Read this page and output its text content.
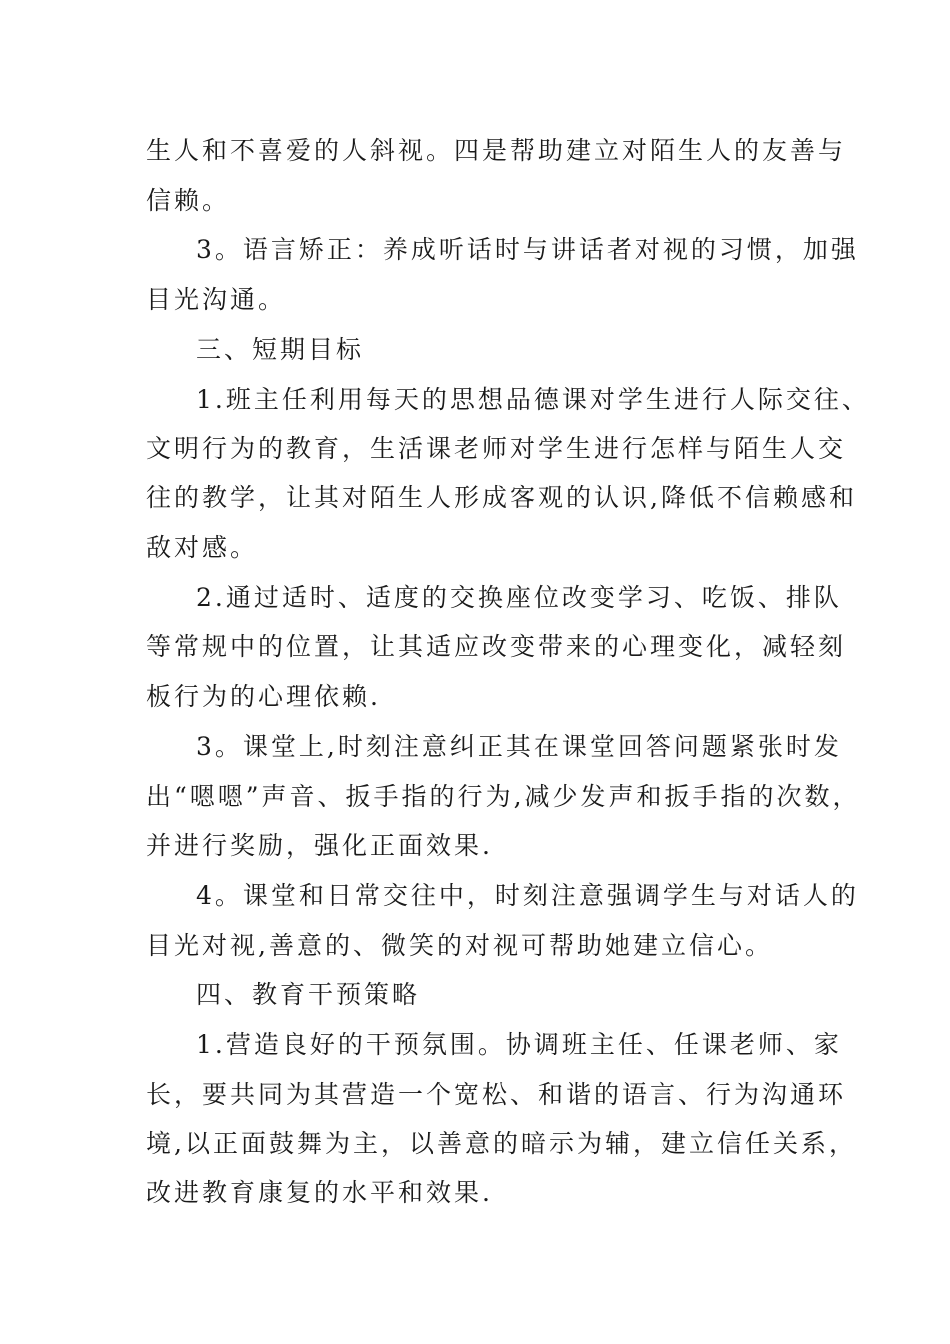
生人和不喜爱的人斜视。四是帮助建立对陌生人的友善与
信赖。
3。语言矫正：养成听话时与讲话者对视的习惯，加强
目光沟通。
三、短期目标
1.班主任利用每天的思想品德课对学生进行人际交往、
文明行为的教育，生活课老师对学生进行怎样与陌生人交
往的教学，让其对陌生人形成客观的认识,降低不信赖感和
敌对感。
2.通过适时、适度的交换座位改变学习、吃饭、排队
等常规中的位置，让其适应改变带来的心理变化，减轻刻
板行为的心理依赖.
3。课堂上,时刻注意纠正其在课堂回答问题紧张时发
出“嗯嗯”声音、扳手指的行为,减少发声和扳手指的次数，
并进行奖励，强化正面效果.
4。课堂和日常交往中，时刻注意强调学生与对话人的
目光对视,善意的、微笑的对视可帮助她建立信心。
四、教育干预策略
1.营造良好的干预氛围。协调班主任、任课老师、家
长，要共同为其营造一个宽松、和谐的语言、行为沟通环
境,以正面鼓舞为主，以善意的暗示为辅，建立信任关系，
改进教育康复的水平和效果.
